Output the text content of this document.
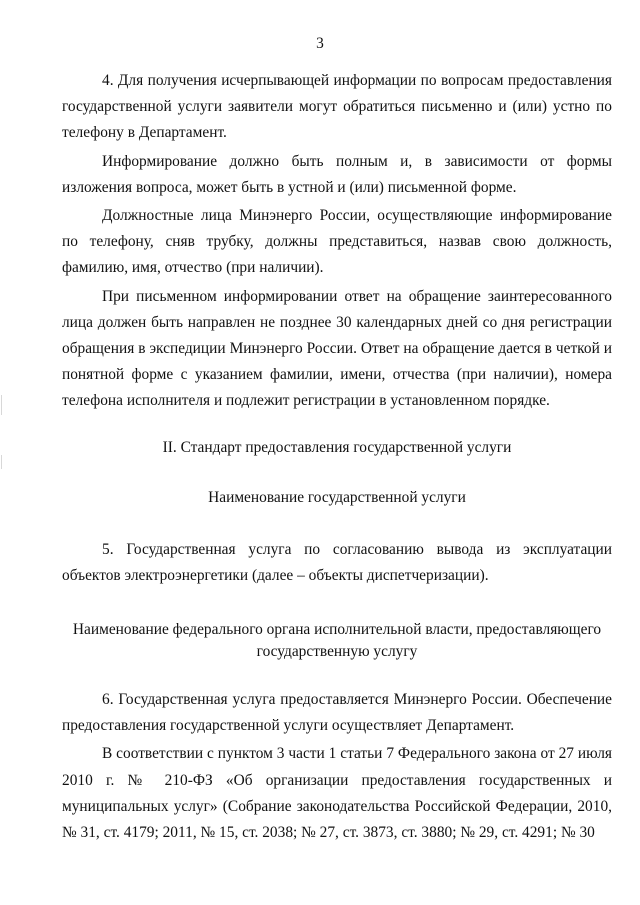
3

4. Для получения исчерпывающей информации по вопросам предоставления государственной услуги заявители могут обратиться письменно и (или) устно по телефону в Департамент.

Информирование должно быть полным и, в зависимости от формы изложения вопроса, может быть в устной и (или) письменной форме.

Должностные лица Минэнерго России, осуществляющие информирование по телефону, сняв трубку, должны представиться, назвав свою должность, фамилию, имя, отчество (при наличии).

При письменном информировании ответ на обращение заинтересованного лица должен быть направлен не позднее 30 календарных дней со дня регистрации обращения в экспедиции Минэнерго России. Ответ на обращение дается в четкой и понятной форме с указанием фамилии, имени, отчества (при наличии), номера телефона исполнителя и подлежит регистрации в установленном порядке.

II. Стандарт предоставления государственной услуги

Наименование государственной услуги

5. Государственная услуга по согласованию вывода из эксплуатации объектов электроэнергетики (далее – объекты диспетчеризации).

Наименование федерального органа исполнительной власти, предоставляющего государственную услугу

6. Государственная услуга предоставляется Минэнерго России. Обеспечение предоставления государственной услуги осуществляет Департамент.

В соответствии с пунктом 3 части 1 статьи 7 Федерального закона от 27 июля 2010 г. № 210-ФЗ «Об организации предоставления государственных и муниципальных услуг» (Собрание законодательства Российской Федерации, 2010, № 31, ст. 4179; 2011, № 15, ст. 2038; № 27, ст. 3873, ст. 3880; № 29, ст. 4291; № 30
